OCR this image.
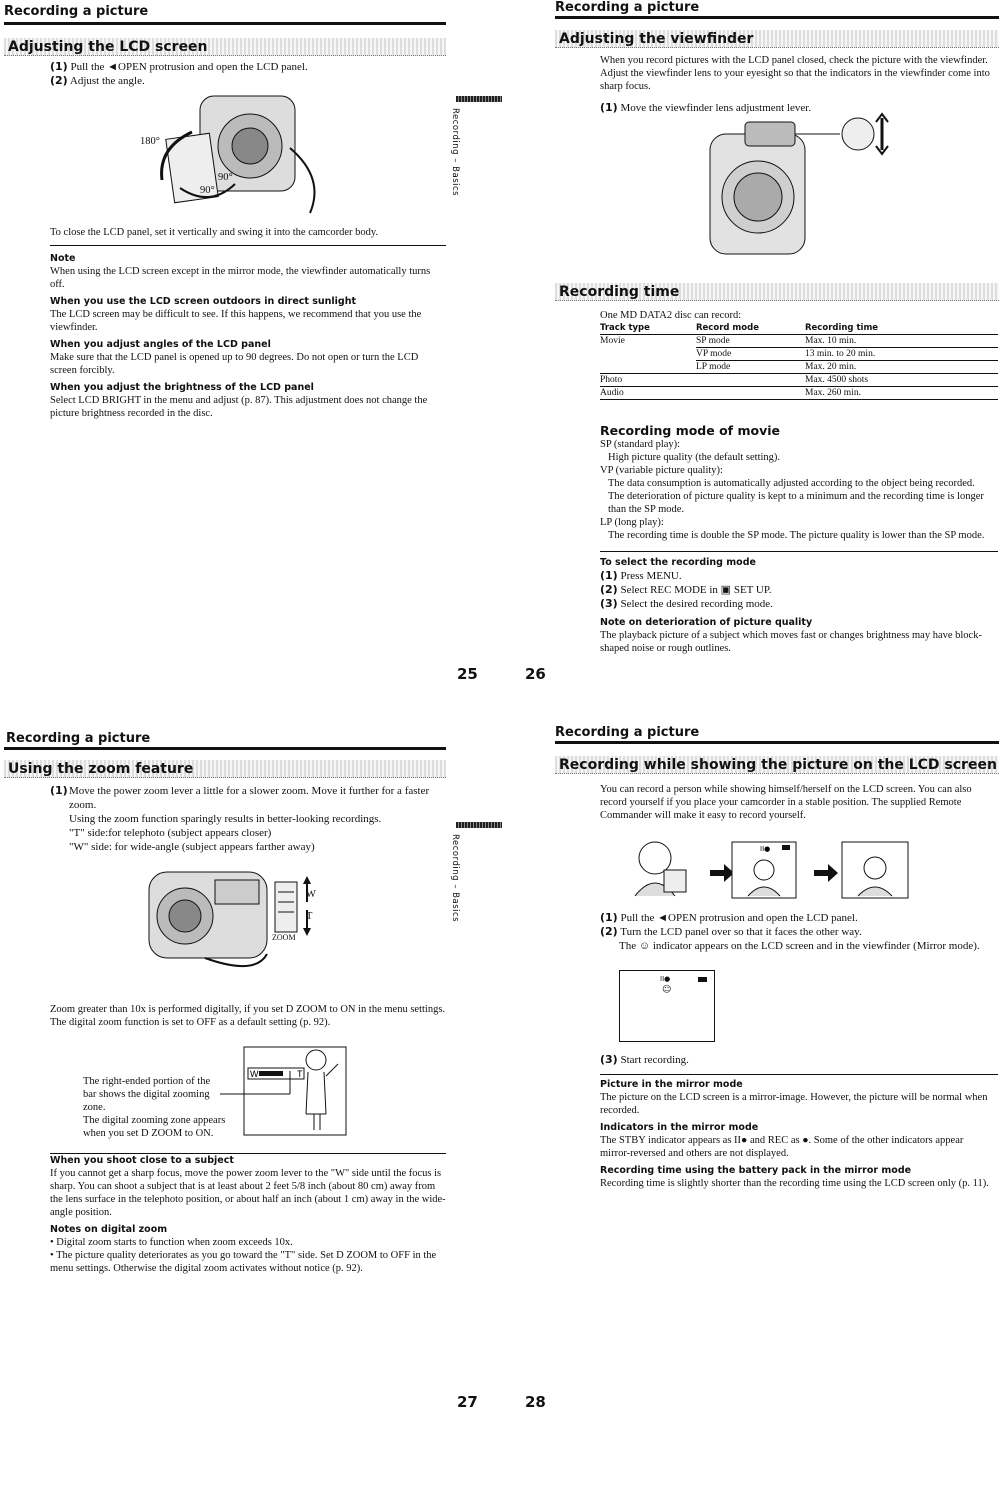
Recording a picture
Adjusting the LCD screen
(1) Pull the ◄OPEN protrusion and open the LCD panel.
(2) Adjust the angle.
180°
90°
90°
To close the LCD panel, set it vertically and swing it into the camcorder body.
Note
When using the LCD screen except in the mirror mode, the viewfinder automatically turns off.
When you use the LCD screen outdoors in direct sunlight
The LCD screen may be difficult to see. If this happens, we recommend that you use the viewfinder.
When you adjust angles of the LCD panel
Make sure that the LCD panel is opened up to 90 degrees. Do not open or turn the LCD screen forcibly.
When you adjust the brightness of the LCD panel
Select LCD BRIGHT in the menu and adjust (p. 87). This adjustment does not change the picture brightness recorded in the disc.
Recording – Basics
25
Recording a picture
Adjusting the viewfinder
When you record pictures with the LCD panel closed, check the picture with the viewfinder. Adjust the viewfinder lens to your eyesight so that the indicators in the viewfinder come into sharp focus.
(1) Move the viewfinder lens adjustment lever.
Recording time
One MD DATA2 disc can record:
Track type	Record mode	Recording time
Movie	SP mode	Max. 10 min.
	VP mode	13 min. to 20 min.
	LP mode	Max. 20 min.
Photo		Max. 4500 shots
Audio		Max. 260 min.
Recording mode of movie
SP (standard play):
High picture quality (the default setting).
VP (variable picture quality):
The data consumption is automatically adjusted according to the object being recorded. The deterioration of picture quality is kept to a minimum and the recording time is longer than the SP mode.
LP (long play):
The recording time is double the SP mode. The picture quality is lower than the SP mode.
To select the recording mode
(1) Press MENU.
(2) Select REC MODE in ▣ SET UP.
(3) Select the desired recording mode.
Note on deterioration of picture quality
The playback picture of a subject which moves fast or changes brightness may have block-shaped noise or rough outlines.
26
Recording a picture
Using the zoom feature
(1) Move the power zoom lever a little for a slower zoom. Move it further for a faster zoom.
Using the zoom function sparingly results in better-looking recordings.
"T" side:for telephoto (subject appears closer)
"W" side: for wide-angle (subject appears farther away)
W
T
ZOOM
Zoom greater than 10x is performed digitally, if you set D ZOOM to ON in the menu settings. The digital zoom function is set to OFF as a default setting (p. 92).
The right-ended portion of the
bar shows the digital zooming
zone.
The digital zooming zone appears
when you set D ZOOM to ON.
W	T
When you shoot close to a subject
If you cannot get a sharp focus, move the power zoom lever to the "W" side until the focus is sharp. You can shoot a subject that is at least about 2 feet 5/8 inch (about 80 cm) away from the lens surface in the telephoto position, or about half an inch (about 1 cm) away in the wide-angle position.
Notes on digital zoom
• Digital zoom starts to function when zoom exceeds 10x.
• The picture quality deteriorates as you go toward the "T" side. Set D ZOOM to OFF in the menu settings. Otherwise the digital zoom activates without notice (p. 92).
Recording – Basics
27
Recording a picture
Recording while showing the picture on the LCD screen
You can record a person while showing himself/herself on the LCD screen. You can also record yourself if you place your camcorder in a stable position. The supplied Remote Commander will make it easy to record yourself.
II●
(1) Pull the ◄OPEN protrusion and open the LCD panel.
(2) Turn the LCD panel over so that it faces the other way.
The ☺ indicator appears on the LCD screen and in the viewfinder (Mirror mode).
II●
☺
(3) Start recording.
Picture in the mirror mode
The picture on the LCD screen is a mirror-image. However, the picture will be normal when recorded.
Indicators in the mirror mode
The STBY indicator appears as II● and REC as ●. Some of the other indicators appear mirror-reversed and others are not displayed.
Recording time using the battery pack in the mirror mode
Recording time is slightly shorter than the recording time using the LCD screen only (p. 11).
28
